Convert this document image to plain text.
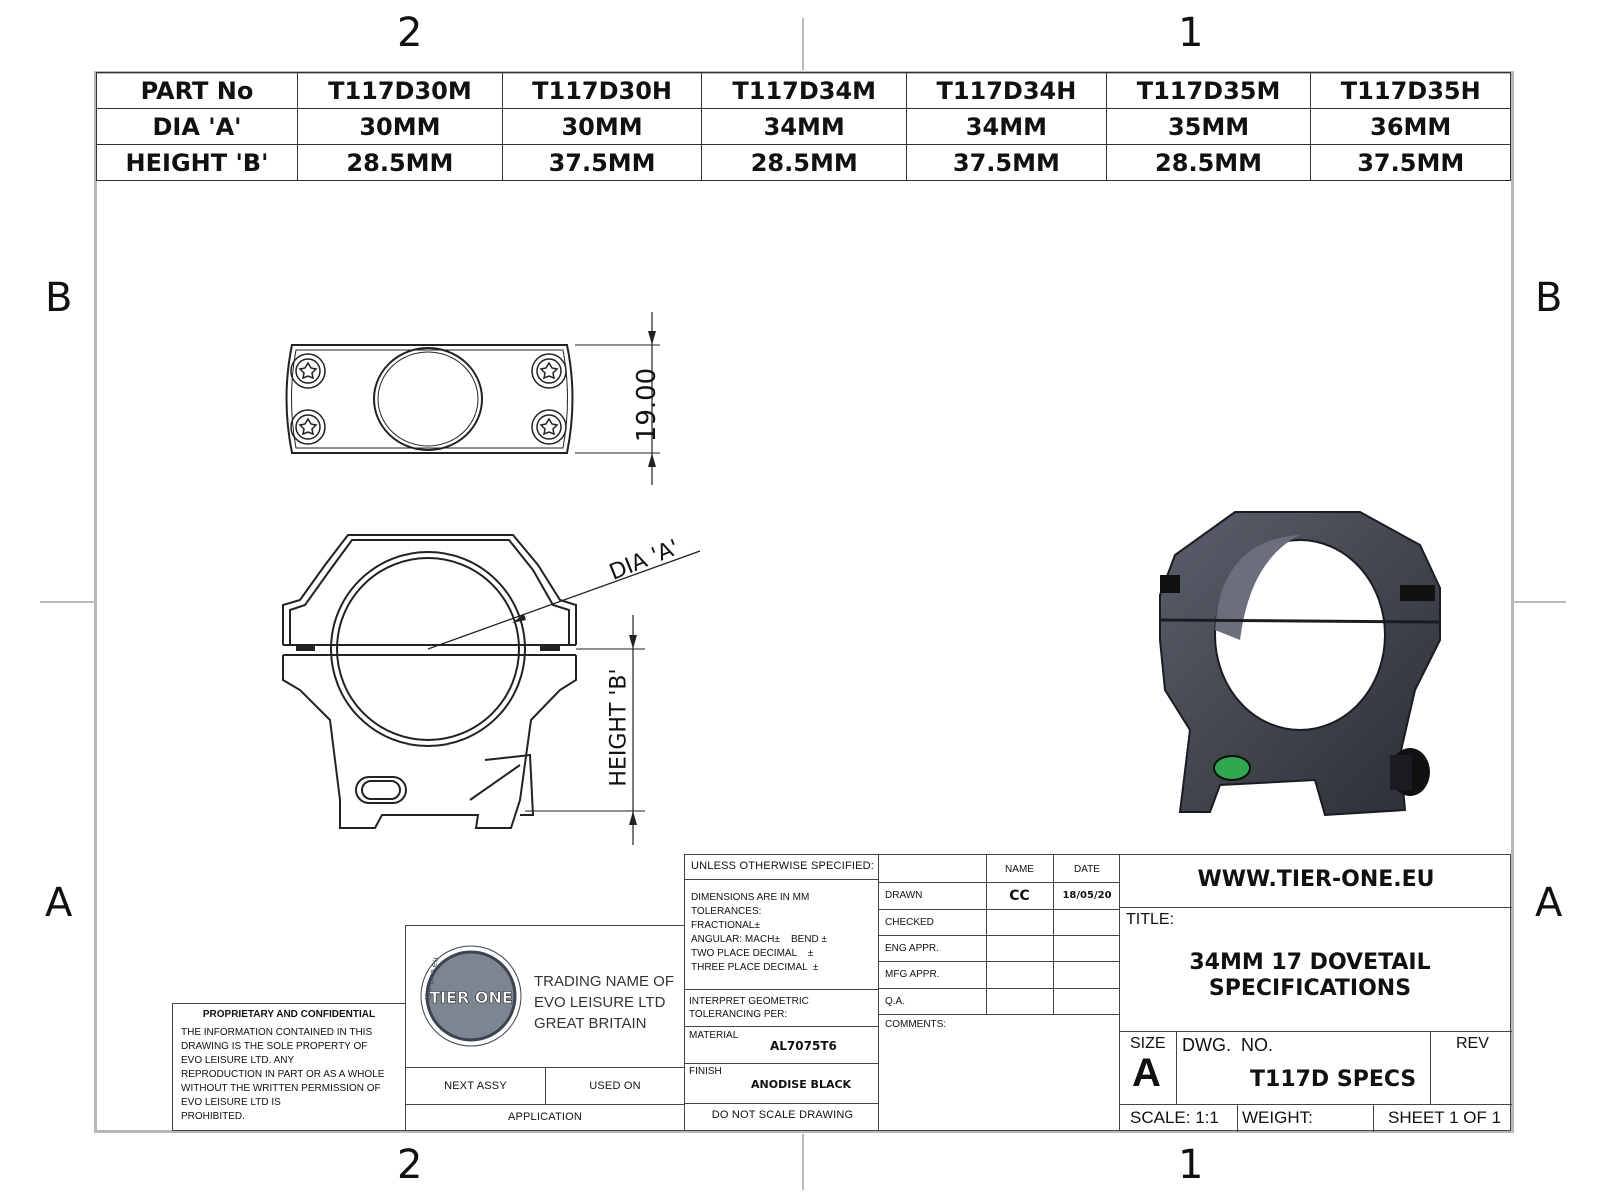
2	1
2	1
B
A
B
A
PART No	T117D30M	T117D30H	T117D34M	T117D34H	T117D35M	T117D35H
DIA 'A'	30MM	30MM	34MM	34MM	35MM	36MM
HEIGHT 'B'	28.5MM	37.5MM	28.5MM	37.5MM	28.5MM	37.5MM
19.00
DIA 'A'
HEIGHT 'B'
PROPRIETARY AND CONFIDENTIAL
THE INFORMATION CONTAINED IN THIS
DRAWING IS THE SOLE PROPERTY OF
EVO LEISURE LTD. ANY
REPRODUCTION IN PART OR AS A WHOLE
WITHOUT THE WRITTEN PERMISSION OF
EVO LEISURE LTD IS
PROHIBITED.
tier-one.eu
TIER ONE
TRADING NAME OF
EVO LEISURE LTD
GREAT BRITAIN
NEXT ASSY	USED ON
APPLICATION
UNLESS OTHERWISE SPECIFIED:
DIMENSIONS ARE IN MM
TOLERANCES:
FRACTIONAL±
ANGULAR: MACH±    BEND ±
TWO PLACE DECIMAL    ±
THREE PLACE DECIMAL  ±
INTERPRET GEOMETRIC
TOLERANCING PER:
MATERIAL
AL7075T6
FINISH
ANODISE BLACK
DO NOT SCALE DRAWING
NAME	DATE
DRAWN	CC	18/05/20
CHECKED
ENG APPR.
MFG APPR.
Q.A.
COMMENTS:
WWW.TIER-ONE.EU
TITLE:
34MM 17 DOVETAIL
SPECIFICATIONS
SIZE
A
DWG.  NO.
T117D SPECS
REV
SCALE: 1:1 WEIGHT:	SHEET 1 OF 1
